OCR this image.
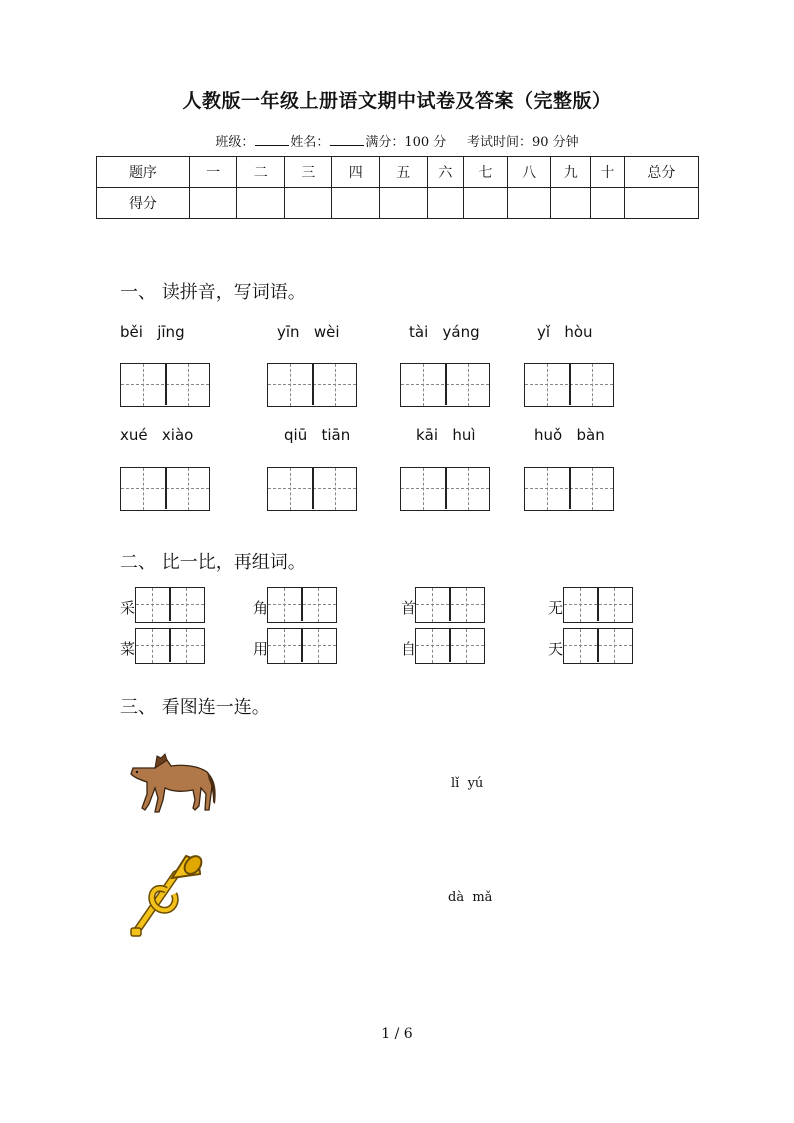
人教版一年级上册语文期中试卷及答案（完整版）
班级：	姓名：	满分：100 分 考试时间：90 分钟
题序	一	二	三	四	五	六	七	八	九	十	总分
得分											
一、 读拼音，写词语。
běi   jīng	yīn   wèi	tài   yáng	yǐ   hòu
xué   xiào	qiū   tiān	kāi   huì	huǒ   bàn
二、 比一比，再组词。
采	角	首	无
菜	用	自	天
三、 看图连一连。
lǐ  yú
dà  mǎ
1 / 6
